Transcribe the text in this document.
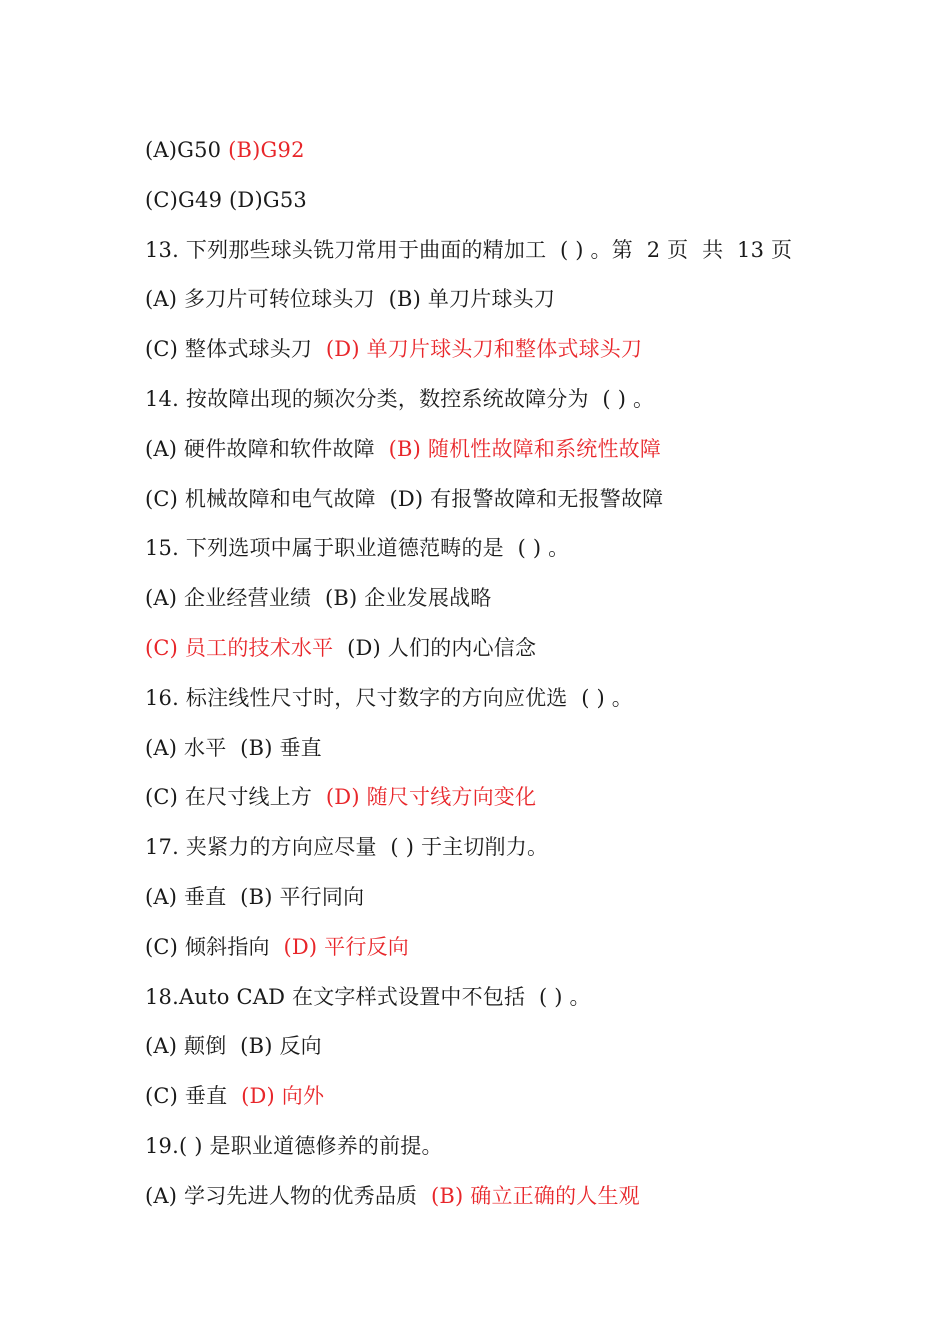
(A)G50 (B)G92
(C)G49 (D)G53
13. 下列那些球头铣刀常用于曲面的精加工  ( ) 。第  2 页  共  13 页
(A) 多刀片可转位球头刀  (B) 单刀片球头刀
(C) 整体式球头刀  (D) 单刀片球头刀和整体式球头刀
14. 按故障出现的频次分类，数控系统故障分为  ( ) 。
(A) 硬件故障和软件故障  (B) 随机性故障和系统性故障
(C) 机械故障和电气故障  (D) 有报警故障和无报警故障
15. 下列选项中属于职业道德范畴的是  ( ) 。
(A) 企业经营业绩  (B) 企业发展战略
(C) 员工的技术水平  (D) 人们的内心信念
16. 标注线性尺寸时，尺寸数字的方向应优选  ( ) 。
(A) 水平  (B) 垂直
(C) 在尺寸线上方  (D) 随尺寸线方向变化
17. 夹紧力的方向应尽量  ( ) 于主切削力。
(A) 垂直  (B) 平行同向
(C) 倾斜指向  (D) 平行反向
18.Auto CAD 在文字样式设置中不包括  ( ) 。
(A) 颠倒  (B) 反向
(C) 垂直  (D) 向外
19.( ) 是职业道德修养的前提。
(A) 学习先进人物的优秀品质  (B) 确立正确的人生观
